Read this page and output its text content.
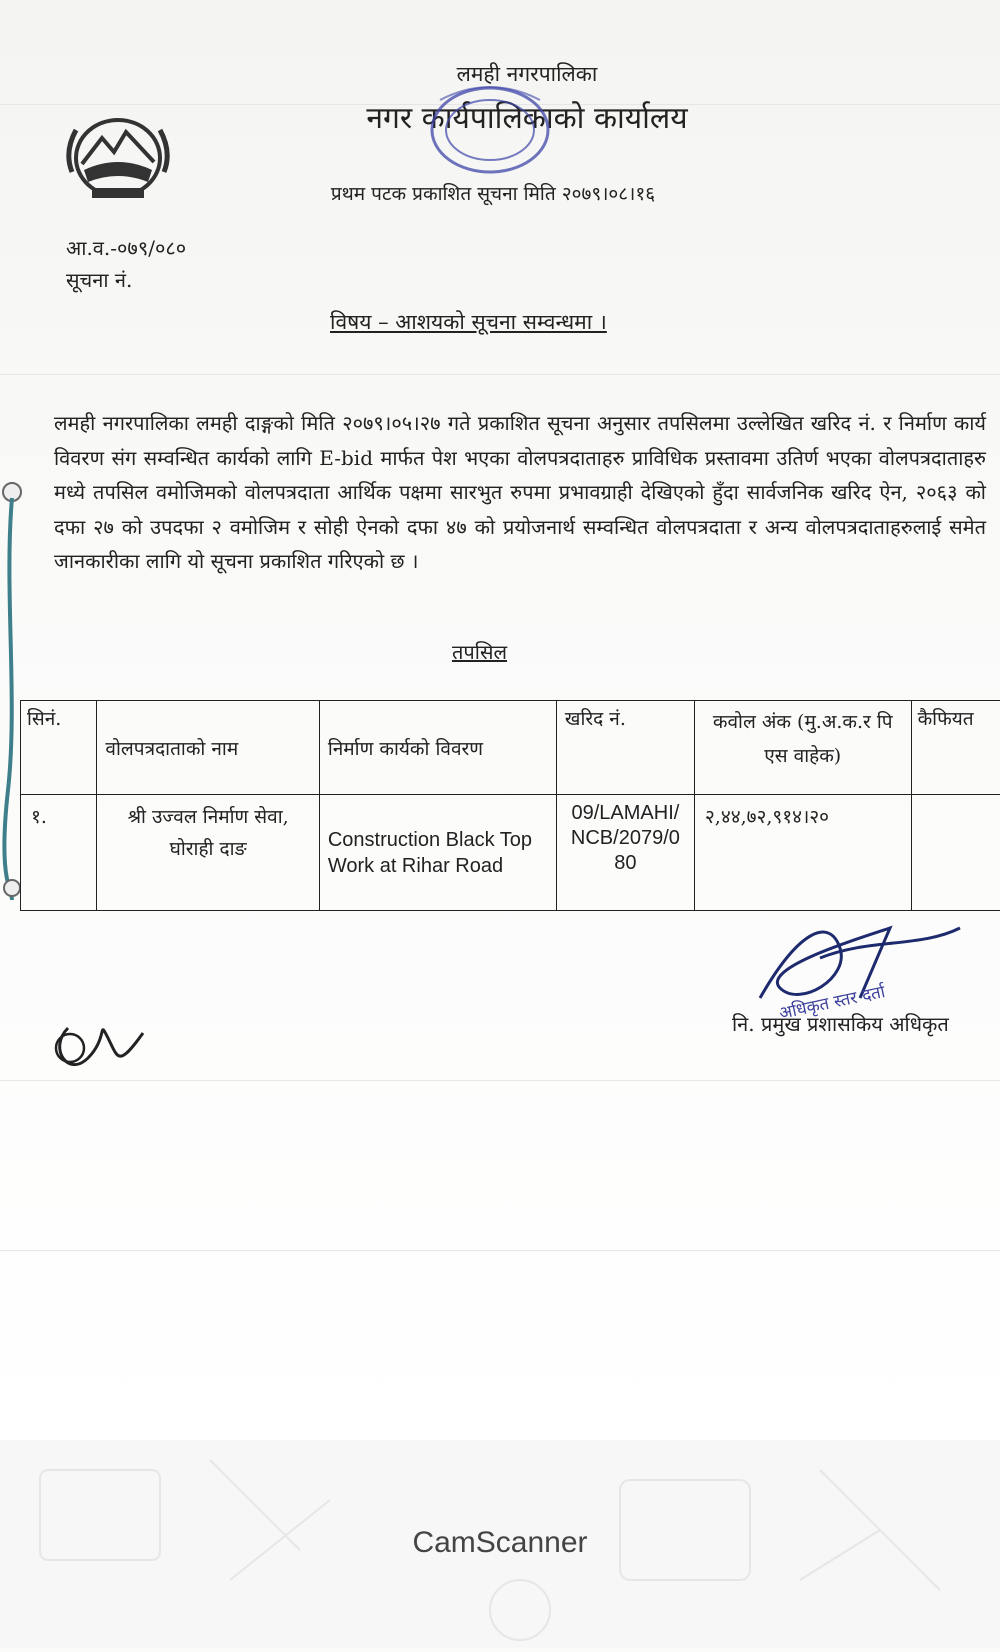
लमही नगरपालिका
नगर कार्यपालिकाको कार्यालय
प्रथम पटक प्रकाशित सूचना मिति २०७९।०८।१६
आ.व.-०७९/०८०
सूचना नं.
विषय – आशयको सूचना सम्वन्धमा ।
लमही नगरपालिका लमही दाङ्गको मिति २०७९।०५।२७ गते प्रकाशित सूचना अनुसार तपसिलमा उल्लेखित खरिद नं. र निर्माण कार्य विवरण संग सम्वन्धित कार्यको लागि E-bid मार्फत पेश भएका वोलपत्रदाताहरु प्राविधिक प्रस्तावमा उतिर्ण भएका वोलपत्रदाताहरु मध्ये तपसिल वमोजिमको वोलपत्रदाता आर्थिक पक्षमा सारभुत रुपमा प्रभावग्राही देखिएको हुँदा सार्वजनिक खरिद ऐन, २०६३ को दफा २७ को उपदफा २ वमोजिम र सोही ऐनको दफा ४७ को प्रयोजनार्थ सम्वन्धित वोलपत्रदाता र अन्य वोलपत्रदाताहरुलाई समेत जानकारीका लागि यो सूचना प्रकाशित गरिएको छ ।
तपसिल
सिनं.	वोलपत्रदाताको नाम	निर्माण कार्यको विवरण	खरिद नं.	कवोल अंक (मु.अ.क.र पि एस वाहेक)	कैफियत
१.	श्री उज्वल निर्माण सेवा, घोराही दाङ	Construction Black Top Work at Rihar Road	09/LAMAHI/ NCB/2079/0 80	२,४४,७२,९१४।२०	
नि. प्रमुख प्रशासकिय अधिकृत
अधिकृत स्तर दर्ता
CamScanner
